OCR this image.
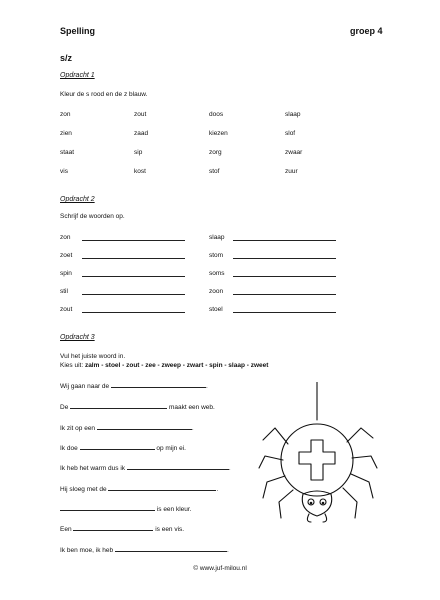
Spelling	groep 4
s/z
Opdracht 1
Kleur de s rood en de z blauw.
zon	zout	doos	slaap
zien	zaad	kiezen	slof
staat	sip	zorg	zwaar
vis	kost	stof	zuur
Opdracht 2
Schrijf de woorden op.
zon	slaap
zoet	stom
spin	soms
stil	zoon
zout	stoel
Opdracht 3
Vul het juiste woord in.
Kies uit: zalm - stoel - zout - zee - zweep - zwart - spin - slaap - zweet
Wij gaan naar de	.
De	maakt een web.
Ik zit op een	.
Ik doe	op mijn ei.
Ik heb het warm dus ik	.
Hij sloeg met de	.
is een kleur.
Een	is een vis.
Ik ben moe, ik heb	.
© www.juf-milou.nl
